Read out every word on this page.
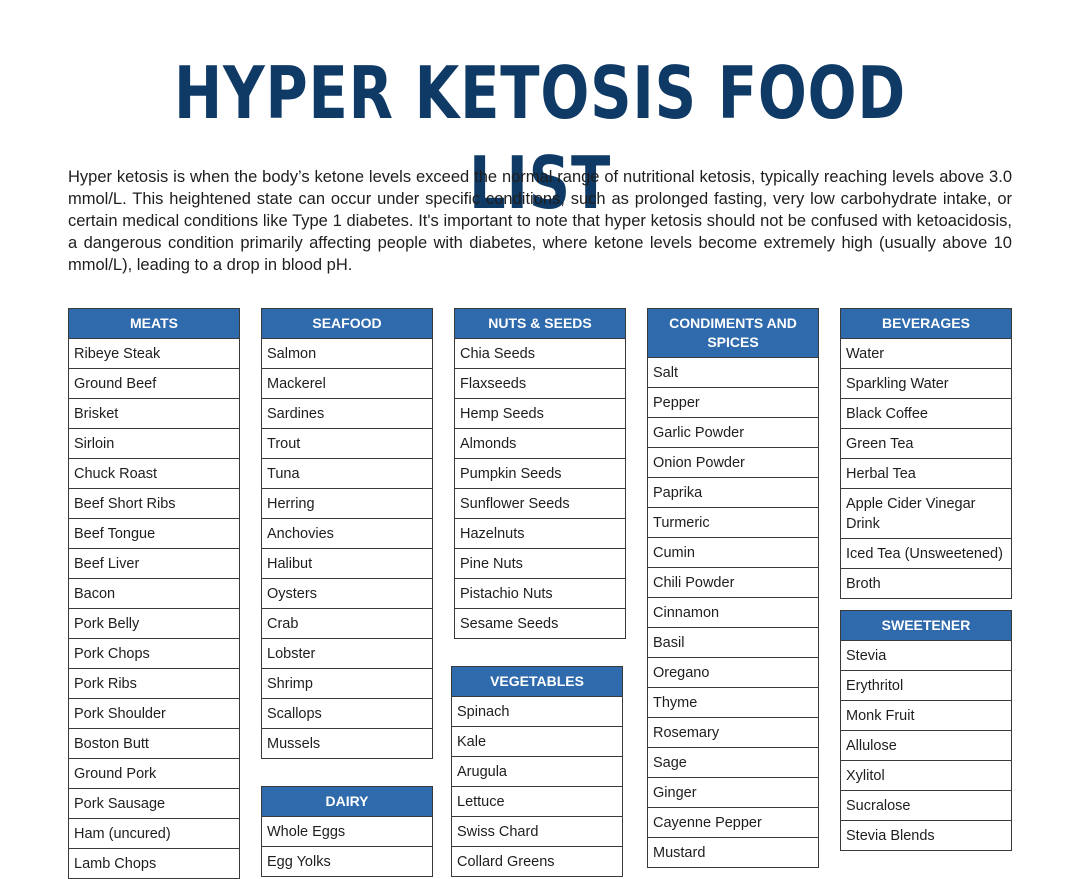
HYPER KETOSIS FOOD LIST

Hyper ketosis is when the body’s ketone levels exceed the normal range of nutritional ketosis, typically reaching levels above 3.0 mmol/L. This heightened state can occur under specific conditions, such as prolonged fasting, very low carbohydrate intake, or certain medical conditions like Type 1 diabetes. It's important to note that hyper ketosis should not be confused with ketoacidosis, a dangerous condition primarily affecting people with diabetes, where ketone levels become extremely high (usually above 10 mmol/L), leading to a drop in blood pH.

MEATS
Ribeye Steak
Ground Beef
Brisket
Sirloin
Chuck Roast
Beef Short Ribs
Beef Tongue
Beef Liver
Bacon
Pork Belly
Pork Chops
Pork Ribs
Pork Shoulder
Boston Butt
Ground Pork
Pork Sausage
Ham (uncured)
Lamb Chops
SEAFOOD
Salmon
Mackerel
Sardines
Trout
Tuna
Herring
Anchovies
Halibut
Oysters
Crab
Lobster
Shrimp
Scallops
Mussels
DAIRY
Whole Eggs
Egg Yolks
NUTS & SEEDS
Chia Seeds
Flaxseeds
Hemp Seeds
Almonds
Pumpkin Seeds
Sunflower Seeds
Hazelnuts
Pine Nuts
Pistachio Nuts
Sesame Seeds
VEGETABLES
Spinach
Kale
Arugula
Lettuce
Swiss Chard
Collard Greens
CONDIMENTS AND SPICES
Salt
Pepper
Garlic Powder
Onion Powder
Paprika
Turmeric
Cumin
Chili Powder
Cinnamon
Basil
Oregano
Thyme
Rosemary
Sage
Ginger
Cayenne Pepper
Mustard
BEVERAGES
Water
Sparkling Water
Black Coffee
Green Tea
Herbal Tea
Apple Cider Vinegar Drink
Iced Tea (Unsweetened)
Broth
SWEETENER
Stevia
Erythritol
Monk Fruit
Allulose
Xylitol
Sucralose
Stevia Blends
